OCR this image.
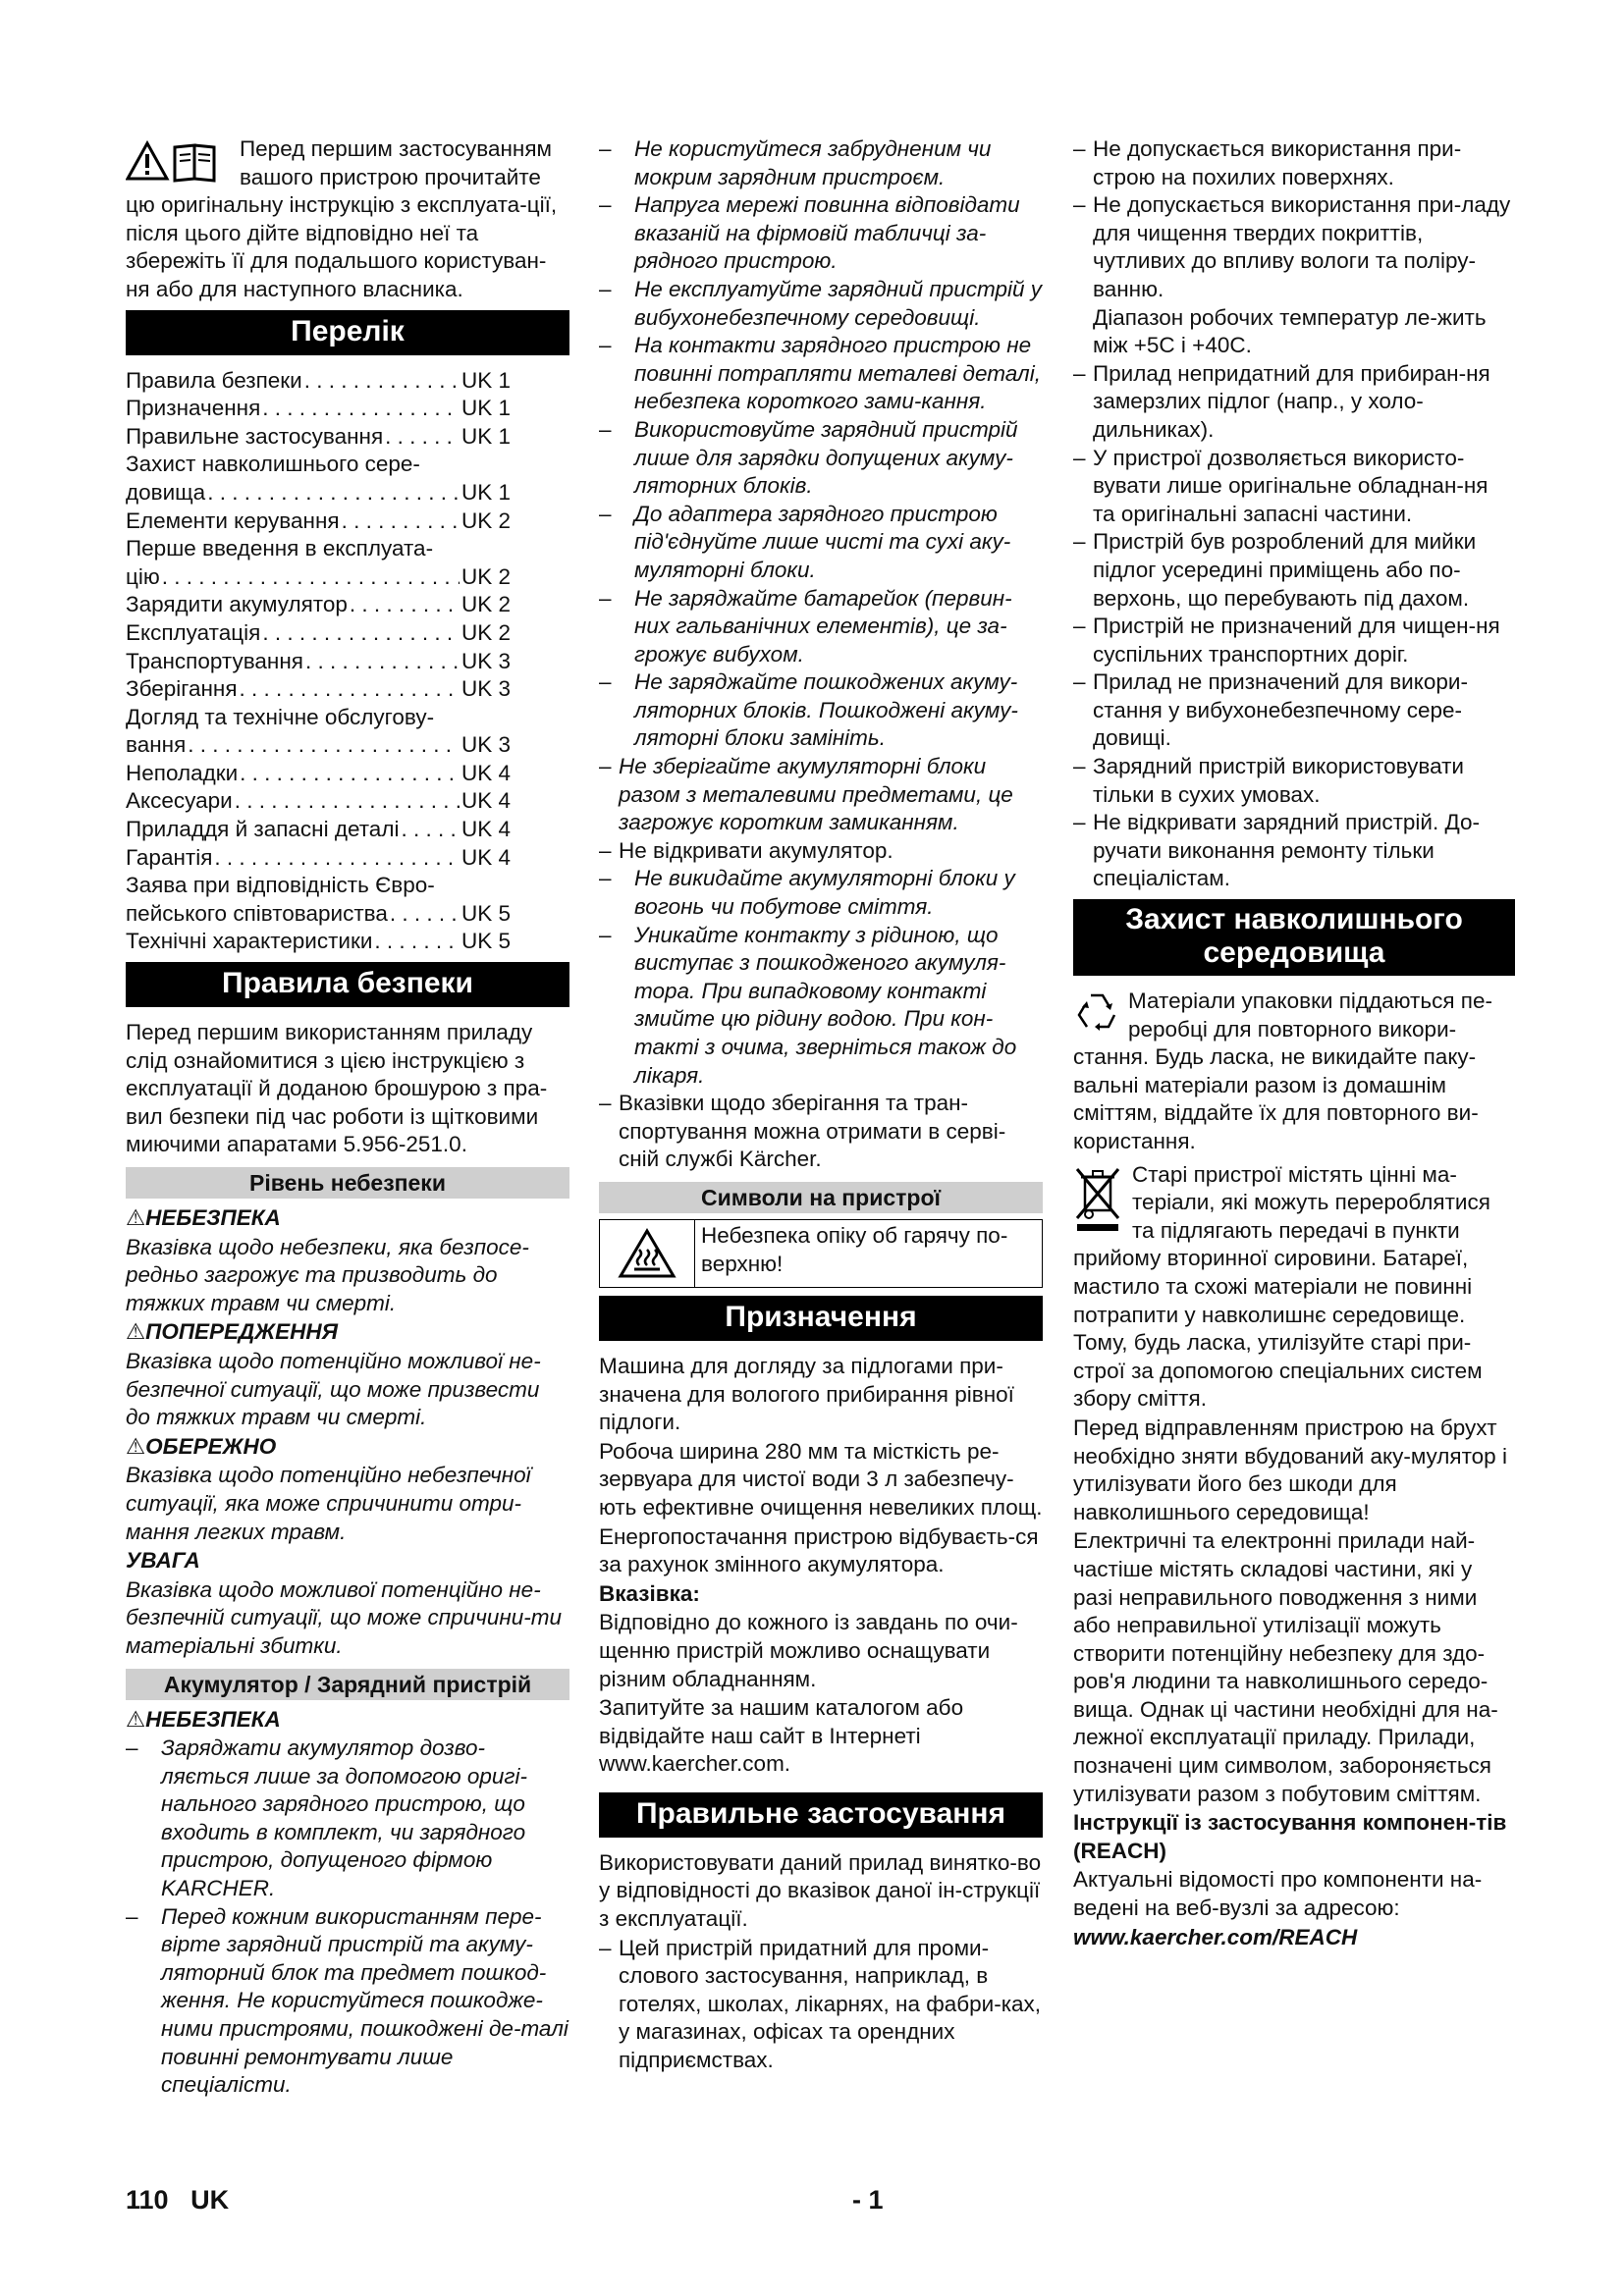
Перед першим застосуванням вашого пристрою прочитайте цю оригінальну інструкцію з експлуата-ції, після цього дійте відповідно неї та збережіть її для подальшого користуван-ня або для наступного власника.

Перелік
Правила безпеки . . .	UK 1
Призначення . . .	UK 1
Правильне застосування . . .	UK 1
Захист навколишнього сере-
довища . . .	UK 1
Елементи керування . . .	UK 2
Перше введення в експлуата-
цію . . .	UK 2
Зарядити акумулятор . . .	UK 2
Експлуатація . . .	UK 2
Транспортування . . .	UK 3
Зберігання . . .	UK 3
Догляд та технічне обслугову-
вання . . .	UK 3
Неполадки . . .	UK 4
Аксесуари . . .	UK 4
Приладдя й запасні деталі . . .	UK 4
Гарантія . . .	UK 4
Заява при відповідність Євро-
пейського співтовариства . . .	UK 5
Технічні характеристики . . .	UK 5
Правила безпеки

Перед першим використанням приладу слід ознайомитися з цією інструкцією з експлуатації й доданою брошурою з пра-вил безпеки під час роботи із щітковими миючими апаратами 5.956-251.0.

Рівень небезпеки

⚠НЕБЕЗПЕКА

Вказівка щодо небезпеки, яка безпосе-редньо загрожує та призводить до тяжких травм чи смерті.

⚠ПОПЕРЕДЖЕННЯ

Вказівка щодо потенційно можливої не-безпечної ситуації, що може призвести до тяжких травм чи смерті.

⚠ОБЕРЕЖНО

Вказівка щодо потенційно небезпечної ситуації, яка може спричинити отри-мання легких травм.

УВАГА

Вказівка щодо можливої потенційно не-безпечній ситуації, що може спричини-ти матеріальні збитки.

Акумулятор / Зарядний пристрій

⚠НЕБЕЗПЕКА

– Заряджати акумулятор дозво-ляється лише за допомогою оригі-нального зарядного пристрою, що входить в комплект, чи зарядного пристрою, допущеного фірмою KARCHER.
– Перед кожним використанням пере-вірте зарядний пристрій та акуму-ляторний блок та предмет пошкод-ження. Не користуйтеся пошкодже-ними пристроями, пошкоджені де-талі повинні ремонтувати лише спеціалісти.
– Не користуйтеся забрудненим чи мокрим зарядним пристроєм.
– Напруга мережі повинна відповідати вказаній на фірмовій табличці за-рядного пристрою.
– Не експлуатуйте зарядний пристрій у вибухонебезпечному середовищі.
– На контакти зарядного пристрою не повинні потрапляти металеві деталі, небезпека короткого зами-кання.
– Використовуйте зарядний пристрій лише для зарядки допущених акуму-ляторних блоків.
– До адаптера зарядного пристрою під'єднуйте лише чисті та сухі аку-муляторні блоки.
– Не заряджайте батарейок (первин-них гальванічних елементів), це за-грожує вибухом.
– Не заряджайте пошкоджених акуму-ляторних блоків. Пошкоджені акуму-ляторні блоки замініть.
– Не зберігайте акумуляторні блоки разом з металевими предметами, це загрожує коротким замиканням.
– Не відкривати акумулятор.
– Не викидайте акумуляторні блоки у вогонь чи побутове сміття.
– Уникайте контакту з рідиною, що виступає з пошкодженого акумуля-тора. При випадковому контакті змийте цю рідину водою. При кон-такті з очима, зверніться також до лікаря.
– Вказівки щодо зберігання та тран-спортування можна отримати в серві-сній службі Kärcher.
Символи на пристрої
Небезпека опіку об гарячу по-верхню!
Призначення

Машина для догляду за підлогами при-значена для вологого прибирання рівної підлоги.

Робоча ширина 280 мм та місткість ре-зервуара для чистої води 3 л забезпечу-ють ефективне очищення невеликих площ.

Енергопостачання пристрою відбуваєть-ся за рахунок змінного акумулятора.

Вказівка:

Відповідно до кожного із завдань по очи-щенню пристрій можливо оснащувати різним обладнанням.

Запитуйте за нашим каталогом або відвідайте наш сайт в Інтернеті www.kaercher.com.

Правильне застосування

Використовувати даний прилад винятко-во у відповідності до вказівок даної ін-струкції з експлуатації.

– Цей пристрій придатний для проми-слового застосування, наприклад, в готелях, школах, лікарнях, на фабри-ках, у магазинах, офісах та орендних підприємствах.
– Не допускається використання при-строю на похилих поверхнях.
– Не допускається використання при-ладу для чищення твердих покриттів, чутливих до впливу вологи та поліру-ванню.
Діапазон робочих температур ле-жить між +5С і +40С.
– Прилад непридатний для прибиран-ня замерзлих підлог (напр., у холо-дильниках).
– У пристрої дозволяється використо-вувати лише оригінальне обладнан-ня та оригінальні запасні частини.
– Пристрій був розроблений для мийки підлог усередині приміщень або по-верхонь, що перебувають під дахом.
– Пристрій не призначений для чищен-ня суспільних транспортних доріг.
– Прилад не призначений для викори-стання у вибухонебезпечному сере-довищі.
– Зарядний пристрій використовувати тільки в сухих умовах.
– Не відкривати зарядний пристрій. До-ручати виконання ремонту тільки спеціалістам.
Захист навколишнього середовища

Матеріали упаковки піддаються пе-реробці для повторного викори-стання. Будь ласка, не викидайте паку-вальні матеріали разом із домашнім сміттям, віддайте їх для повторного ви-користання.

Старі пристрої містять цінні ма-теріали, які можуть перероблятися та підлягають передачі в пункти прийому вторинної сировини. Батареї, мастило та схожі матеріали не повинні потрапити у навколишнє середовище. Тому, будь ласка, утилізуйте старі при-строї за допомогою спеціальних систем збору сміття.

Перед відправленням пристрою на брухт необхідно зняти вбудований аку-мулятор і утилізувати його без шкоди для навколишнього середовища!

Електричні та електронні прилади най-частіше містять складові частини, які у разі неправильного поводження з ними або неправильної утилізації можуть створити потенційну небезпеку для здо-ров'я людини та навколишнього середо-вища. Однак ці частини необхідні для на-лежної експлуатації приладу. Прилади, позначені цим символом, забороняється утилізувати разом з побутовим сміттям.

Інструкції із застосування компонен-тів (REACH)

Актуальні відомості про компоненти на-ведені на веб-вузлі за адресою:

www.kaercher.com/REACH

110 UK	- 1
